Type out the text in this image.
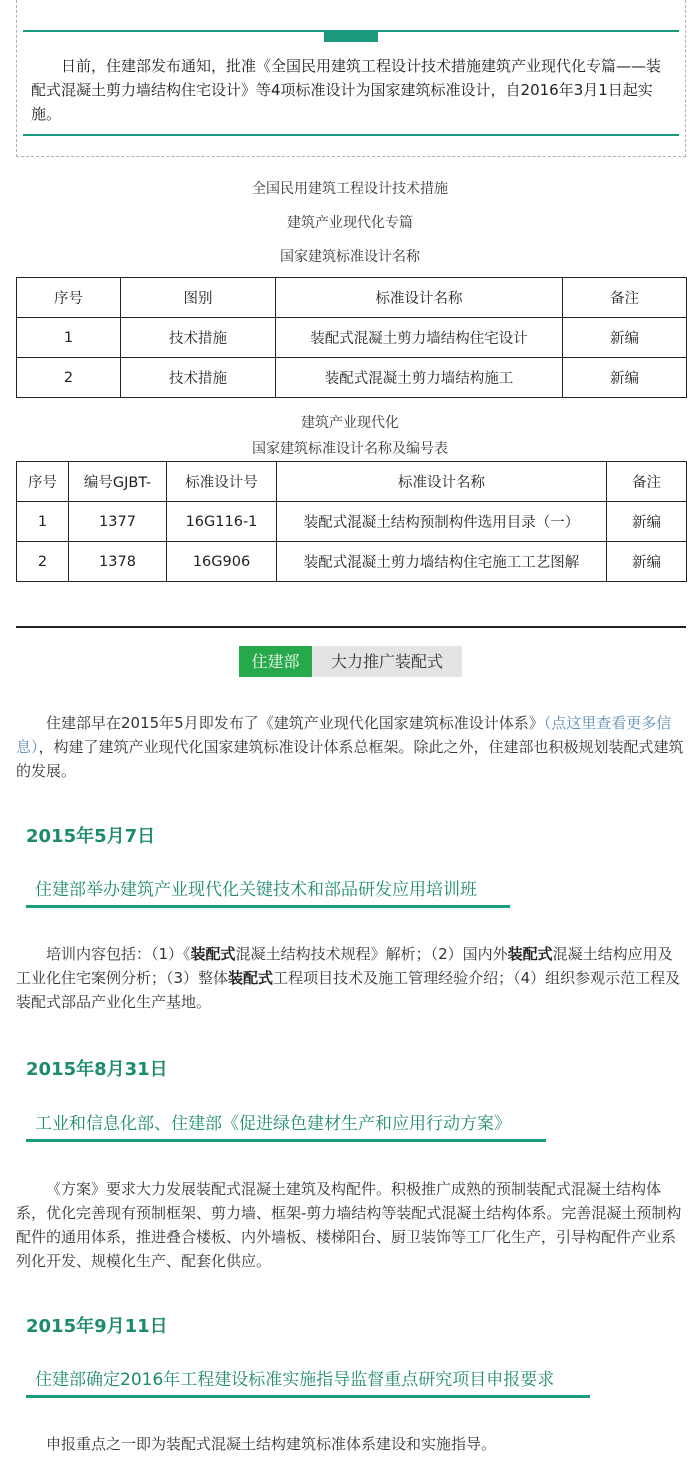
日前，住建部发布通知，批准《全国民用建筑工程设计技术措施建筑产业现代化专篇——装配式混凝土剪力墙结构住宅设计》等4项标准设计为国家建筑标准设计，自2016年3月1日起实施。

全国民用建筑工程设计技术措施
建筑产业现代化专篇
国家建筑标准设计名称
序号	图别	标准设计名称	备注
1	技术措施	装配式混凝土剪力墙结构住宅设计	新编
2	技术措施	装配式混凝土剪力墙结构施工	新编
建筑产业现代化
国家建筑标准设计名称及编号表
序号	编号GJBT-	标准设计号	标准设计名称	备注
1	1377	16G116-1	装配式混凝土结构预制构件选用目录（一）	新编
2	1378	16G906	装配式混凝土剪力墙结构住宅施工工艺图解	新编
住建部	大力推广装配式

住建部早在2015年5月即发布了《建筑产业现代化国家建筑标准设计体系》（点这里查看更多信息），构建了建筑产业现代化国家建筑标准设计体系总框架。除此之外，住建部也积极规划装配式建筑的发展。

2015年5月7日
住建部举办建筑产业现代化关键技术和部品研发应用培训班

培训内容包括：（1）《装配式混凝土结构技术规程》解析；（2）国内外装配式混凝土结构应用及工业化住宅案例分析；（3）整体装配式工程项目技术及施工管理经验介绍；（4）组织参观示范工程及装配式部品产业化生产基地。

2015年8月31日
工业和信息化部、住建部《促进绿色建材生产和应用行动方案》

《方案》要求大力发展装配式混凝土建筑及构配件。积极推广成熟的预制装配式混凝土结构体系，优化完善现有预制框架、剪力墙、框架-剪力墙结构等装配式混凝土结构体系。完善混凝土预制构配件的通用体系，推进叠合楼板、内外墙板、楼梯阳台、厨卫装饰等工厂化生产，引导构配件产业系列化开发、规模化生产、配套化供应。

2015年9月11日
住建部确定2016年工程建设标准实施指导监督重点研究项目申报要求

申报重点之一即为装配式混凝土结构建筑标准体系建设和实施指导。
